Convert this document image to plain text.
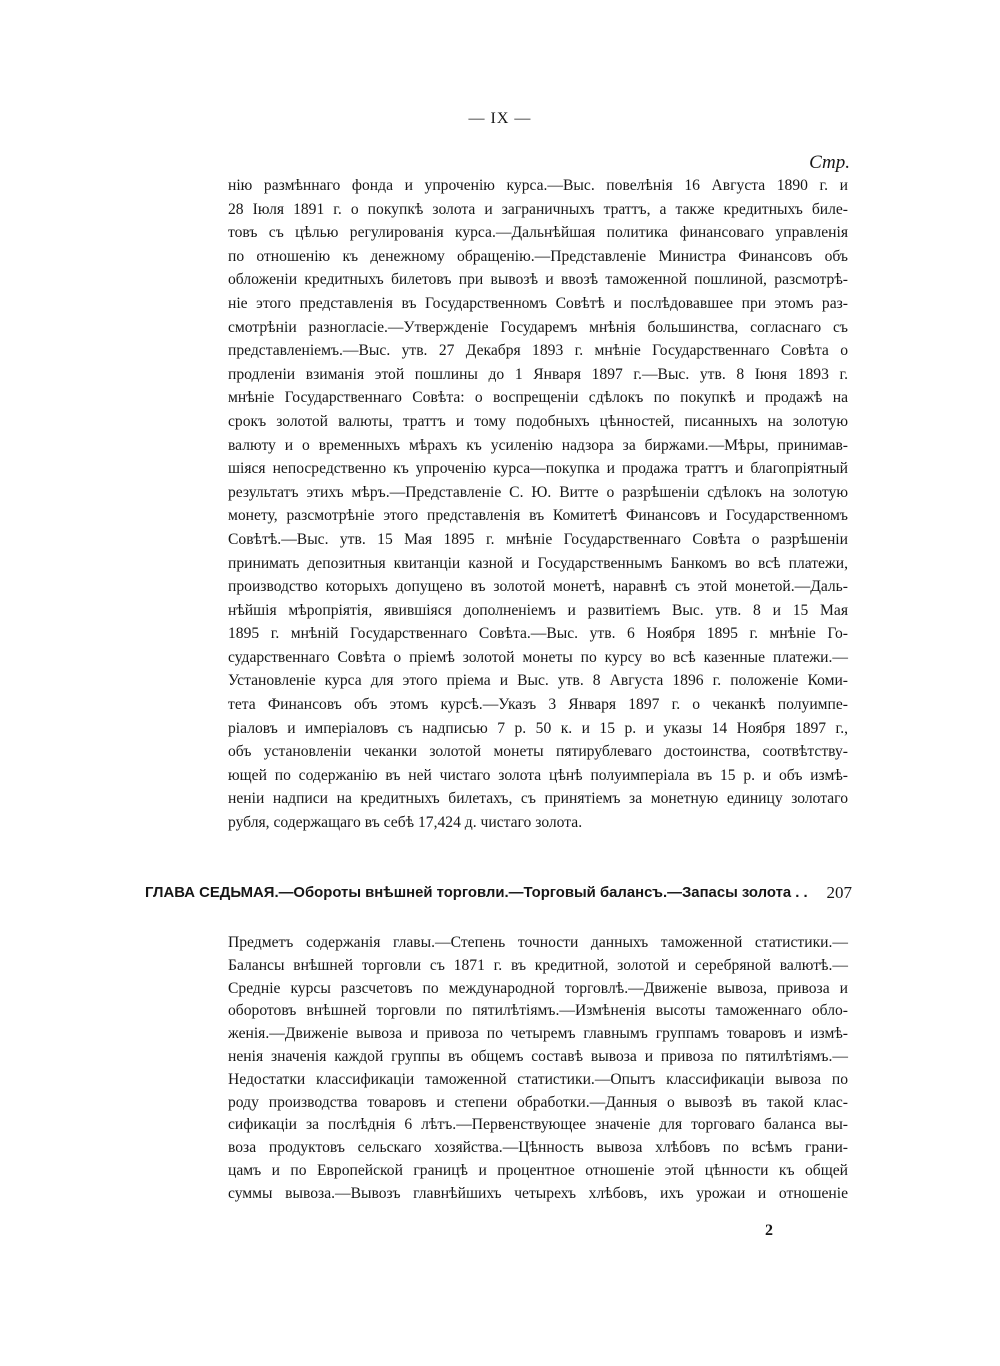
— IX —
Стр.
нію размѣннаго фонда и упроченію курса.—Выс. повелѣнія 16 Августа 1890 г. и
28 Іюля 1891 г. о покупкѣ золота и заграничныхъ траттъ, а также кредитныхъ биле-
товъ съ цѣлью регулированія курса.—Дальнѣйшая политика финансоваго управленія
по отношенію къ денежному обращенію.—Представленіе Министра Финансовъ объ
обложеніи кредитныхъ билетовъ при вывозѣ и ввозѣ таможенной пошлиной, разсмотрѣ-
ніе этого представленія въ Государственномъ Совѣтѣ и послѣдовавшее при этомъ раз-
смотрѣніи разногласіе.—Утвержденіе Государемъ мнѣнія большинства, согласнаго съ
представленіемъ.—Выс. утв. 27 Декабря 1893 г. мнѣніе Государственнаго Совѣта о
продленіи взиманія этой пошлины до 1 Января 1897 г.—Выс. утв. 8 Іюня 1893 г.
мнѣніе Государственнаго Совѣта: о воспрещеніи сдѣлокъ по покупкѣ и продажѣ на
срокъ золотой валюты, траттъ и тому подобныхъ цѣнностей, писанныхъ на золотую
валюту и о временныхъ мѣрахъ къ усиленію надзора за биржами.—Мѣры, принимав-
шіяся непосредственно къ упроченію курса—покупка и продажа траттъ и благопріятный
результатъ этихъ мѣръ.—Представленіе С. Ю. Витте о разрѣшеніи сдѣлокъ на золотую
монету, разсмотрѣніе этого представленія въ Комитетѣ Финансовъ и Государственномъ
Совѣтѣ.—Выс. утв. 15 Мая 1895 г. мнѣніе Государственнаго Совѣта о разрѣшеніи
принимать депозитныя квитанціи казной и Государственнымъ Банкомъ во всѣ платежи,
производство которыхъ допущено въ золотой монетѣ, наравнѣ съ этой монетой.—Даль-
нѣйшія мѣропріятія, явившіяся дополненіемъ и развитіемъ Выс. утв. 8 и 15 Мая
1895 г. мнѣній Государственнаго Совѣта.—Выс. утв. 6 Ноября 1895 г. мнѣніе Го-
сударственнаго Совѣта о пріемѣ золотой монеты по курсу во всѣ казенные платежи.—
Установленіе курса для этого пріема и Выс. утв. 8 Августа 1896 г. положеніе Коми-
тета Финансовъ объ этомъ курсѣ.—Указъ 3 Января 1897 г. о чеканкѣ полуимпе-
ріаловъ и имперіаловъ съ надписью 7 р. 50 к. и 15 р. и указы 14 Ноября 1897 г.,
объ установленіи чеканки золотой монеты пятирублеваго достоинства, соотвѣтству-
ющей по содержанію въ ней чистаго золота цѣнѣ полуимперіала въ 15 р. и объ измѣ-
неніи надписи на кредитныхъ билетахъ, съ принятіемъ за монетную единицу золотаго
рубля, содержащаго въ себѣ 17,424 д. чистаго золота.
ГЛАВА СЕДЬМАЯ.—Обороты внѣшней торговли.—Торговый балансъ.—Запасы золота . . 207
Предметъ содержанія главы.—Степень точности данныхъ таможенной статистики.—
Балансы внѣшней торговли съ 1871 г. въ кредитной, золотой и серебряной валютѣ.—
Средніе курсы разсчетовъ по международной торговлѣ.—Движеніе вывоза, привоза и
оборотовъ внѣшней торговли по пятилѣтіямъ.—Измѣненія высоты таможеннаго обло-
женія.—Движеніе вывоза и привоза по четыремъ главнымъ группамъ товаровъ и измѣ-
ненія значенія каждой группы въ общемъ составѣ вывоза и привоза по пятилѣтіямъ.—
Недостатки классификаціи таможенной статистики.—Опытъ классификаціи вывоза по
роду производства товаровъ и степени обработки.—Данныя о вывозѣ въ такой клас-
сификаціи за послѣднія 6 лѣтъ.—Первенствующее значеніе для торговаго баланса вы-
воза продуктовъ сельскаго хозяйства.—Цѣнность вывоза хлѣбовъ по всѣмъ грани-
цамъ и по Европейской границѣ и процентное отношеніе этой цѣнности къ общей
суммы вывоза.—Вывозъ главнѣйшихъ четырехъ хлѣбовъ, ихъ урожаи и отношеніе
2
